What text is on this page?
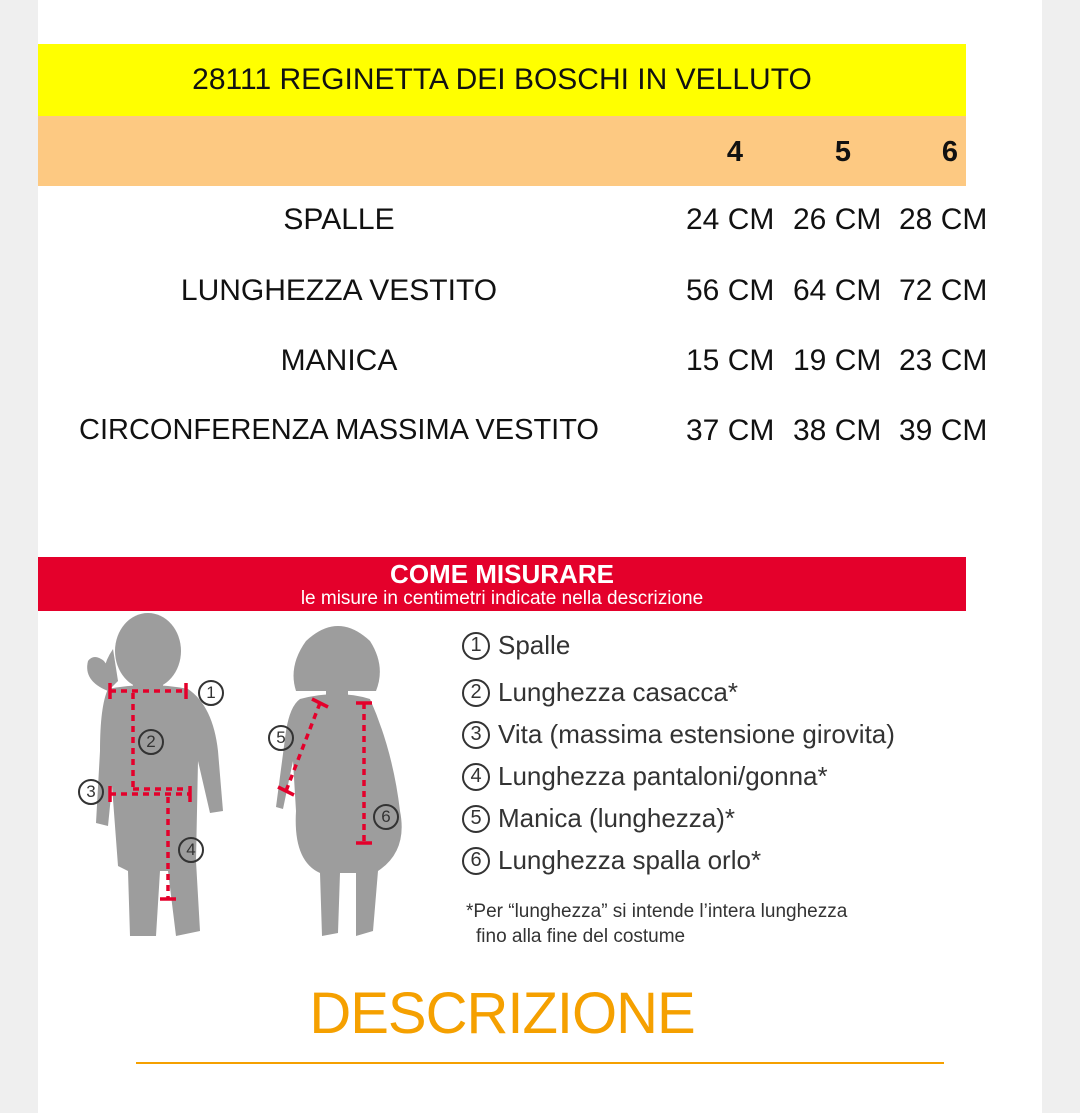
28111 REGINETTA DEI BOSCHI IN VELLUTO
4	5	6
SPALLE	24 CM 26 CM 28 CM
LUNGHEZZA VESTITO	56 CM 64 CM 72 CM
MANICA	15 CM 19 CM 23 CM
CIRCONFERENZA MASSIMA VESTITO	37 CM 38 CM 39 CM
COME MISURARE
le misure in centimetri indicate nella descrizione
1
2
3
4
5
6
1 Spalle
2 Lunghezza casacca*
3 Vita (massima estensione girovita)
4 Lunghezza pantaloni/gonna*
5 Manica (lunghezza)*
6 Lunghezza spalla orlo*
*Per “lunghezza” si intende l’intera lunghezza
fino alla fine del costume
DESCRIZIONE
